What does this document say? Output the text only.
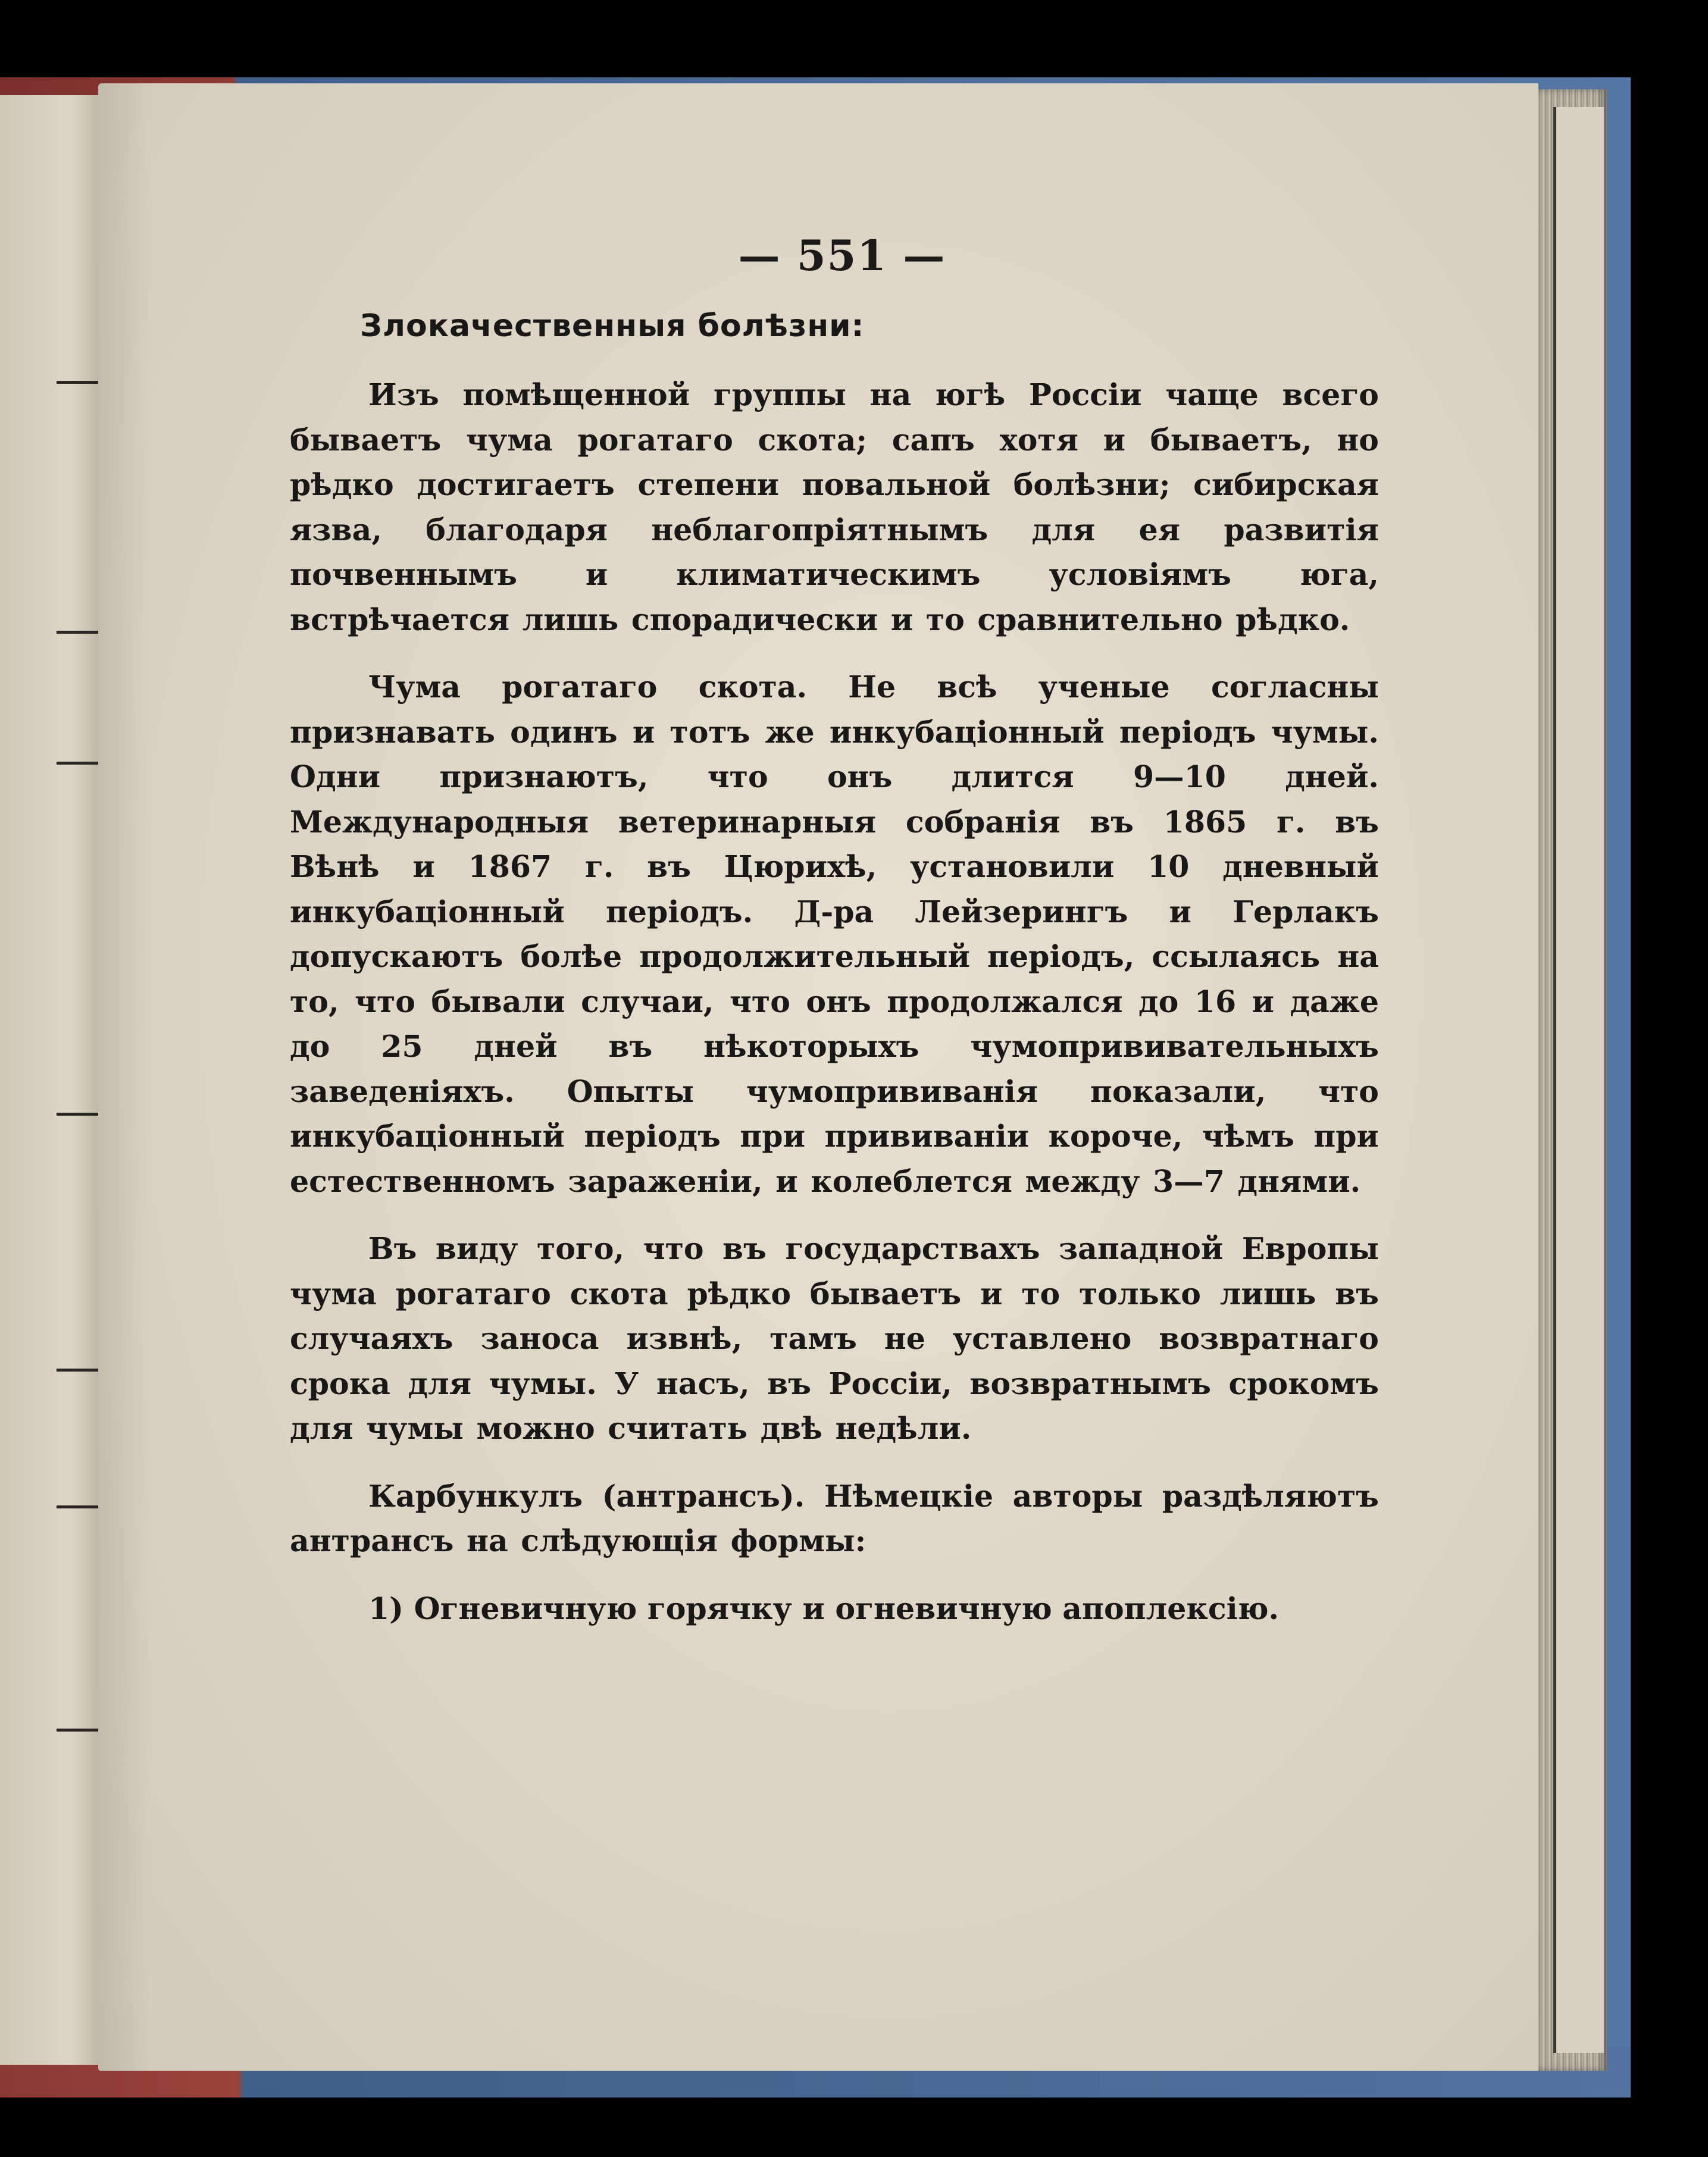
— 551 —
Злокачественныя болѣзни:

Изъ помѣщенной группы на югѣ Россіи чаще всего бываетъ чума рогатаго скота; сапъ хотя и бываетъ, но рѣдко достигаетъ степени повальной болѣзни; сибирская язва, благодаря неблагопріятнымъ для ея развитія почвеннымъ и климатическимъ условіямъ юга, встрѣчается лишь спорадически и то сравнительно рѣдко.

Чума рогатаго скота. Не всѣ ученые согласны признавать одинъ и тотъ же инкубаціонный періодъ чумы. Одни признаютъ, что онъ длится 9—10 дней. Международныя ветеринарныя собранія въ 1865 г. въ Вѣнѣ и 1867 г. въ Цюрихѣ, установили 10 дневный инкубаціонный періодъ. Д-ра Лейзерингъ и Герлакъ допускаютъ болѣе продолжительный періодъ, ссылаясь на то, что бывали случаи, что онъ продолжался до 16 и даже до 25 дней въ нѣкоторыхъ чумопрививательныхъ заведеніяхъ. Опыты чумопрививанія показали, что инкубаціонный періодъ при прививаніи короче, чѣмъ при естественномъ зараженіи, и колеблется между 3—7 днями.

Въ виду того, что въ государствахъ западной Европы чума рогатаго скота рѣдко бываетъ и то только лишь въ случаяхъ заноса извнѣ, тамъ не уставлено возвратнаго срока для чумы. У насъ, въ Россіи, возвратнымъ срокомъ для чумы можно считать двѣ недѣли.

Карбункулъ (антрансъ). Нѣмецкіе авторы раздѣляютъ антрансъ на слѣдующія формы:

1) Огневичную горячку и огневичную апоплексію.
